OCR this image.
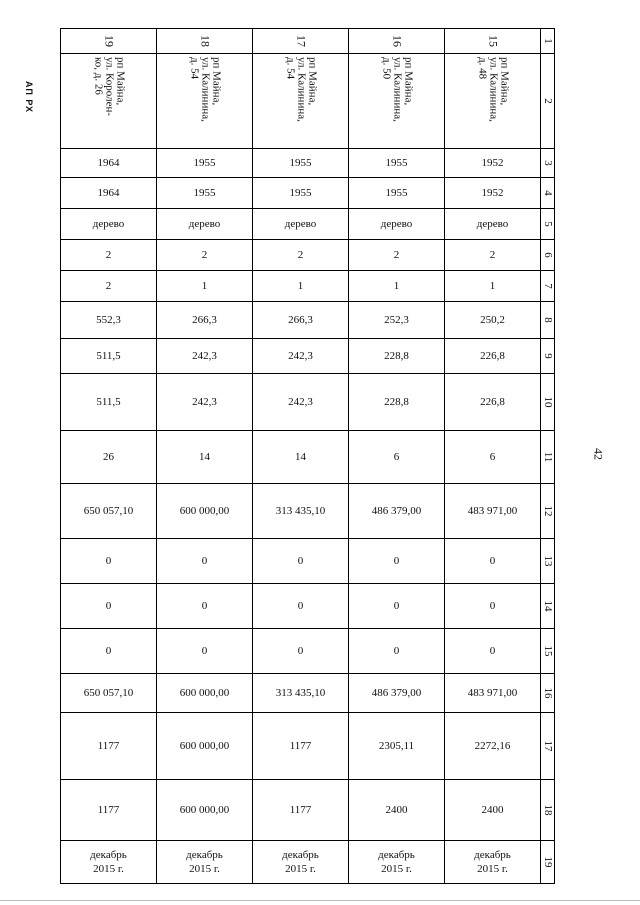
АП РХ
42
19	18	17	16	15	1

рп Майна,
ул. Королен-
ко, д. 26	рп Майна,
ул. Калинина,
д. 54	рп Майна,
ул. Калинина,
д. 54	рп Майна,
ул. Калинина,
д. 50	рп Майна,
ул. Калинина,
д. 48	2

1964	1955	1955	1955	1952	3

1964	1955	1955	1955	1952	4

дерево	дерево	дерево	дерево	дерево	5

2	2	2	2	2	6

2	1	1	1	1	7

552,3	266,3	266,3	252,3	250,2	8

511,5	242,3	242,3	228,8	226,8	9

511,5	242,3	242,3	228,8	226,8	10

26	14	14	6	6	11

650 057,10	600 000,00	313 435,10	486 379,00	483 971,00	12

0	0	0	0	0	13

0	0	0	0	0	14

0	0	0	0	0	15

650 057,10	600 000,00	313 435,10	486 379,00	483 971,00	16

1177	600 000,00	1177	2305,11	2272,16	17

1177	600 000,00	1177	2400	2400	18

декабрь
2015 г.	декабрь
2015 г.	декабрь
2015 г.	декабрь
2015 г.	декабрь
2015 г.	19
